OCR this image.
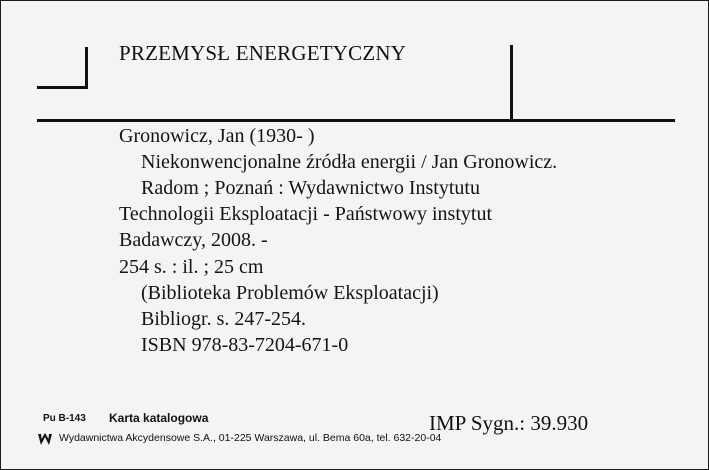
PRZEMYSŁ ENERGETYCZNY
Gronowicz, Jan (1930- )
Niekonwencjonalne źródła energii / Jan Gronowicz.
Radom ; Poznań : Wydawnictwo Instytutu
Technologii Eksploatacji - Państwowy instytut
Badawczy, 2008. -
254 s. : il. ; 25 cm
(Biblioteka Problemów Eksploatacji)
Bibliogr. s. 247-254.
ISBN 978-83-7204-671-0
Pu B-143 Karta katalogowa
Wydawnictwa Akcydensowe S.A., 01-225 Warszawa, ul. Bema 60a, tel. 632-20-04
IMP Sygn.: 39.930
